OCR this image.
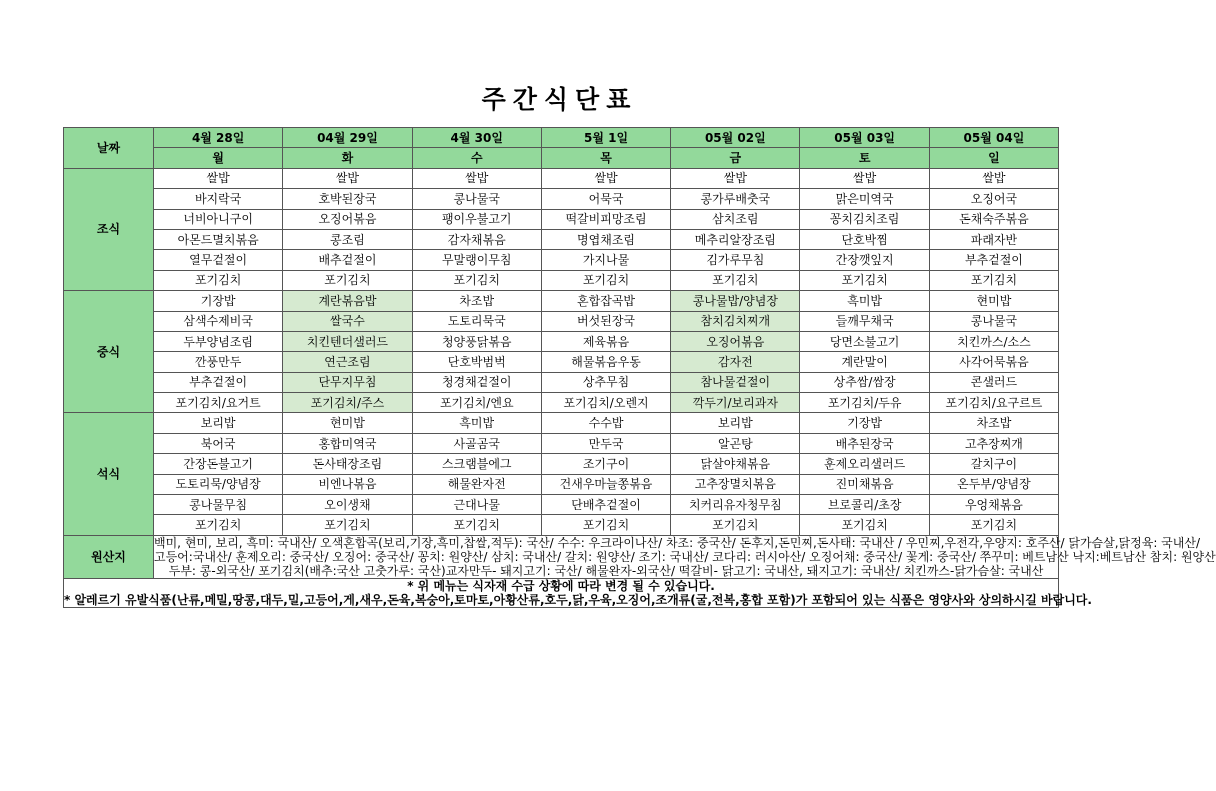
주간식단표
날짜	4월 28일	04월 29일	4월 30일	5월 1일	05월 02일	05월 03일	05월 04일
	월	화	수	목	금	토	일
조식	쌀밥	쌀밥	쌀밥	쌀밥	쌀밥	쌀밥	쌀밥
	바지락국	호박된장국	콩나물국	어묵국	콩가루배춧국	맑은미역국	오징어국
	너비아니구이	오징어볶음	팽이우불고기	떡갈비피망조림	삼치조림	꽁치김치조림	돈채숙주볶음
	아몬드멸치볶음	콩조림	감자채볶음	명엽채조림	메추리알장조림	단호박찜	파래자반
	열무겉절이	배추겉절이	무말랭이무침	가지나물	김가루무침	간장깻잎지	부추겉절이
	포기김치	포기김치	포기김치	포기김치	포기김치	포기김치	포기김치
중식	기장밥	계란볶음밥	차조밥	혼합잡곡밥	콩나물밥/양념장	흑미밥	현미밥
	삼색수제비국	쌀국수	도토리묵국	버섯된장국	참치김치찌개	들깨무채국	콩나물국
	두부양념조림	치킨텐더샐러드	청양풍닭볶음	제육볶음	오징어볶음	당면소불고기	치킨까스/소스
	깐풍만두	연근조림	단호박범벅	해물볶음우동	감자전	계란말이	사각어묵볶음
	부추겉절이	단무지무침	청경채겉절이	상추무침	참나물겉절이	상추쌈/쌈장	콘샐러드
	포기김치/요거트	포기김치/주스	포기김치/엔요	포기김치/오렌지	깍두기/보리과자	포기김치/두유	포기김치/요구르트
석식	보리밥	현미밥	흑미밥	수수밥	보리밥	기장밥	차조밥
	북어국	홍합미역국	사골곰국	만두국	알곤탕	배추된장국	고추장찌개
	간장돈불고기	돈사태장조림	스크램블에그	조기구이	닭살야채볶음	훈제오리샐러드	갈치구이
	도토리묵/양념장	비엔나볶음	해물완자전	건새우마늘쫑볶음	고추장멸치볶음	진미채볶음	온두부/양념장
	콩나물무침	오이생채	근대나물	단배추겉절이	치커리유자청무침	브로콜리/초장	우엉채볶음
	포기김치	포기김치	포기김치	포기김치	포기김치	포기김치	포기김치
원산지	백미, 현미, 보리, 흑미: 국내산/ 오색혼합곡(보리,기장,흑미,찹쌀,적두): 국산/ 수수: 우크라이나산/ 차조: 중국산/ 돈후지,돈민찌,돈사태: 국내산 / 우민찌,우전각,우양지: 호주산/ 닭가슴살,닭정육: 국내산/
고등어:국내산/ 훈제오리: 중국산/ 오징어: 중국산/ 꽁치: 원양산/ 삼치: 국내산/ 갈치: 원양산/ 조기: 국내산/ 코다리: 러시아산/ 오징어채: 중국산/ 꽃게: 중국산/ 쭈꾸미: 베트남산 낙지:베트남산 참치: 원양산
두부: 콩-외국산/ 포기김치(배추:국산 고춧가루: 국산)교자만두- 돼지고기: 국산/ 해물완자-외국산/ 떡갈비- 닭고기: 국내산, 돼지고기: 국내산/ 치킨까스-닭가슴살: 국내산						

* 위 메뉴는 식자재 수급 상황에 따라 변경 될 수 있습니다.
* 알레르기 유발식품(난류,메밀,땅콩,대두,밀,고등어,게,새우,돈육,복숭아,토마토,아황산류,호두,닭,우육,오징어,조개류(굴,전복,홍합 포함)가 포함되어 있는 식품은 영양사와 상의하시길 바랍니다.							
